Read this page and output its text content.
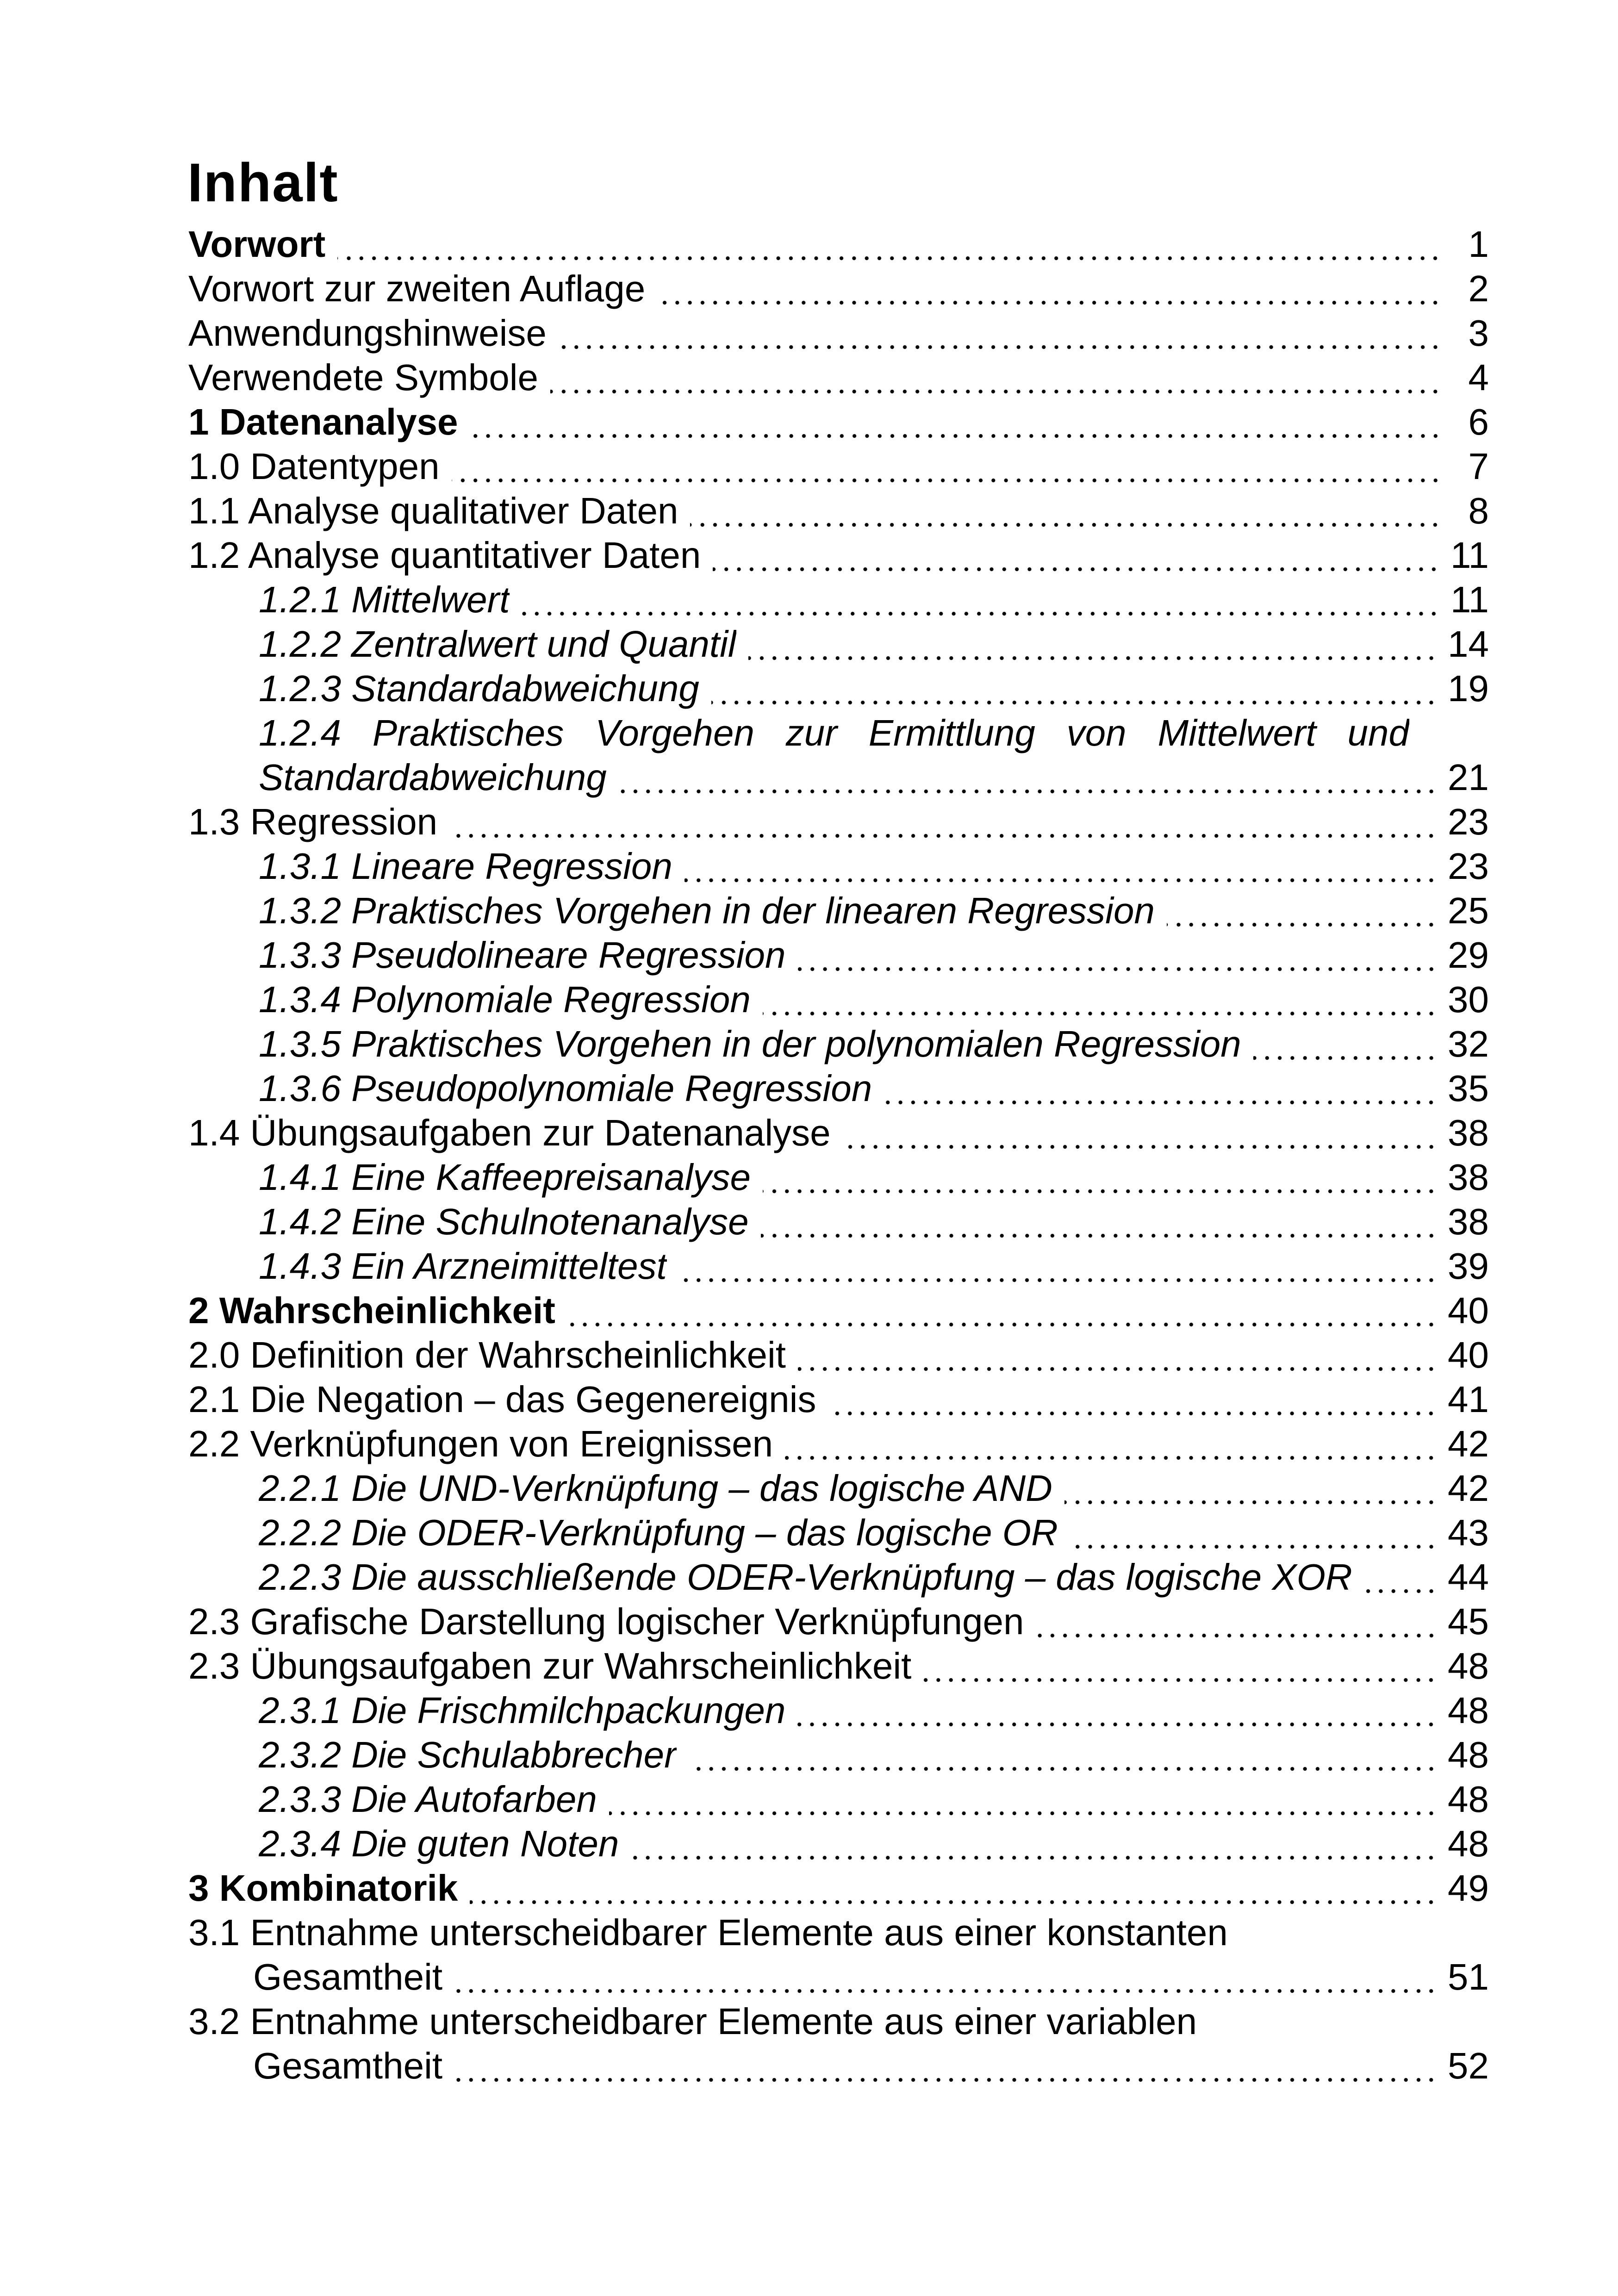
Inhalt
Vorwort	1
Vorwort zur zweiten Auflage	2
Anwendungshinweise	3
Verwendete Symbole	4
1 Datenanalyse	6
1.0 Datentypen	7
1.1 Analyse qualitativer Daten	8
1.2 Analyse quantitativer Daten	11
1.2.1 Mittelwert	11
1.2.2 Zentralwert und Quantil	14
1.2.3 Standardabweichung	19
1.2.4 Praktisches Vorgehen zur Ermittlung von Mittelwert und
Standardabweichung	21
1.3 Regression	23
1.3.1 Lineare Regression	23
1.3.2 Praktisches Vorgehen in der linearen Regression	25
1.3.3 Pseudolineare Regression	29
1.3.4 Polynomiale Regression	30
1.3.5 Praktisches Vorgehen in der polynomialen Regression	32
1.3.6 Pseudopolynomiale Regression	35
1.4 Übungsaufgaben zur Datenanalyse	38
1.4.1 Eine Kaffeepreisanalyse	38
1.4.2 Eine Schulnotenanalyse	38
1.4.3 Ein Arzneimitteltest	39
2 Wahrscheinlichkeit	40
2.0 Definition der Wahrscheinlichkeit	40
2.1 Die Negation – das Gegenereignis	41
2.2 Verknüpfungen von Ereignissen	42
2.2.1 Die UND-Verknüpfung – das logische AND	42
2.2.2 Die ODER-Verknüpfung – das logische OR	43
2.2.3 Die ausschließende ODER-Verknüpfung – das logische XOR	44
2.3 Grafische Darstellung logischer Verknüpfungen	45
2.3 Übungsaufgaben zur Wahrscheinlichkeit	48
2.3.1 Die Frischmilchpackungen	48
2.3.2 Die Schulabbrecher	48
2.3.3 Die Autofarben	48
2.3.4 Die guten Noten	48
3 Kombinatorik	49
3.1 Entnahme unterscheidbarer Elemente aus einer konstanten
Gesamtheit	51
3.2 Entnahme unterscheidbarer Elemente aus einer variablen
Gesamtheit	52
